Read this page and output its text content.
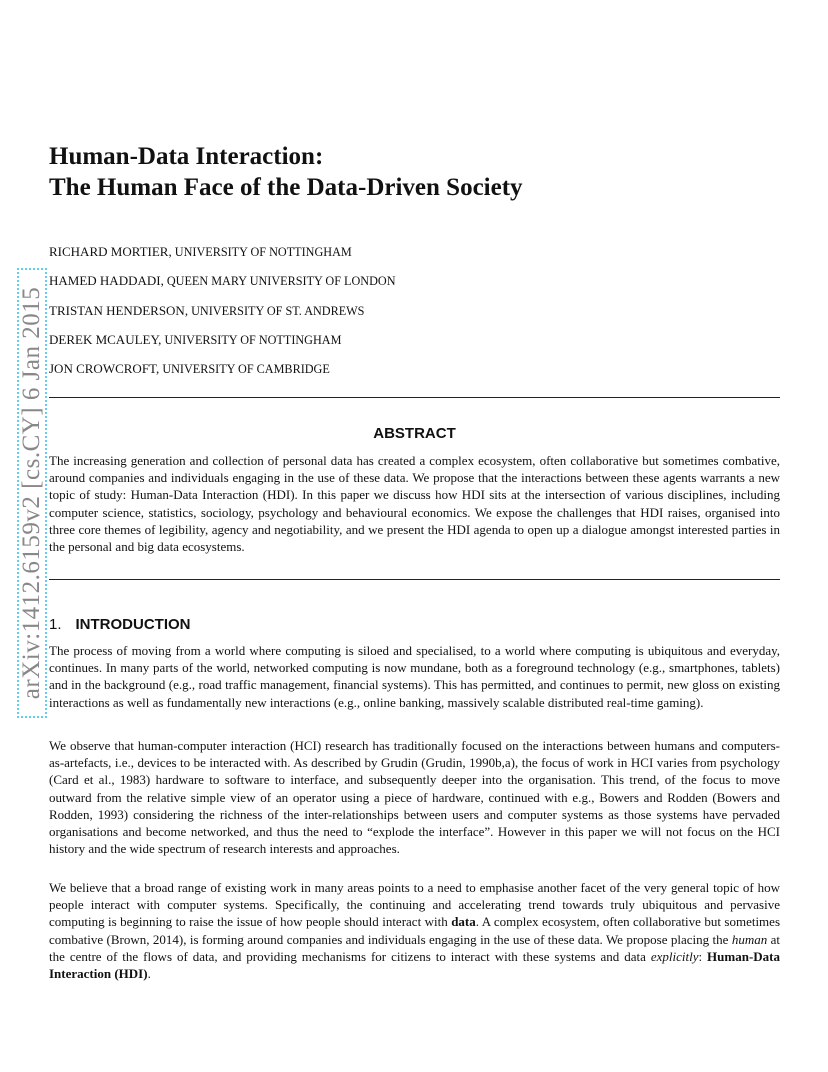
arXiv:1412.6159v2 [cs.CY] 6 Jan 2015
Human-Data Interaction:
The Human Face of the Data-Driven Society
RICHARD MORTIER, UNIVERSITY OF NOTTINGHAM
HAMED HADDADI, QUEEN MARY UNIVERSITY OF LONDON
TRISTAN HENDERSON, UNIVERSITY OF ST. ANDREWS
DEREK MCAULEY, UNIVERSITY OF NOTTINGHAM
JON CROWCROFT, UNIVERSITY OF CAMBRIDGE
ABSTRACT

The increasing generation and collection of personal data has created a complex ecosystem, often collaborative but sometimes combative, around companies and individuals engaging in the use of these data. We propose that the interactions between these agents warrants a new topic of study: Human-Data Interaction (HDI). In this paper we discuss how HDI sits at the intersection of various disciplines, including computer science, statistics, sociology, psychology and behavioural economics. We expose the challenges that HDI raises, organised into three core themes of legibility, agency and negotiability, and we present the HDI agenda to open up a dialogue amongst interested parties in the personal and big data ecosystems.

1. INTRODUCTION

The process of moving from a world where computing is siloed and specialised, to a world where computing is ubiquitous and everyday, continues. In many parts of the world, networked computing is now mundane, both as a foreground technology (e.g., smartphones, tablets) and in the background (e.g., road traffic management, financial systems). This has permitted, and continues to permit, new gloss on existing interactions as well as fundamentally new interactions (e.g., online banking, massively scalable distributed real-time gaming).

We observe that human-computer interaction (HCI) research has traditionally focused on the interactions between humans and computers-as-artefacts, i.e., devices to be interacted with. As described by Grudin (Grudin, 1990b,a), the focus of work in HCI varies from psychology (Card et al., 1983) hardware to software to interface, and subsequently deeper into the organisation. This trend, of the focus to move outward from the relative simple view of an operator using a piece of hardware, continued with e.g., Bowers and Rodden (Bowers and Rodden, 1993) considering the richness of the inter-relationships between users and computer systems as those systems have pervaded organisations and become networked, and thus the need to “explode the interface”. However in this paper we will not focus on the HCI history and the wide spectrum of research interests and approaches.

We believe that a broad range of existing work in many areas points to a need to emphasise another facet of the very general topic of how people interact with computer systems. Specifically, the continuing and accelerating trend towards truly ubiquitous and pervasive computing is beginning to raise the issue of how people should interact with data. A complex ecosystem, often collaborative but sometimes combative (Brown, 2014), is forming around companies and individuals engaging in the use of these data. We propose placing the human at the centre of the flows of data, and providing mechanisms for citizens to interact with these systems and data explicitly: Human-Data Interaction (HDI).
